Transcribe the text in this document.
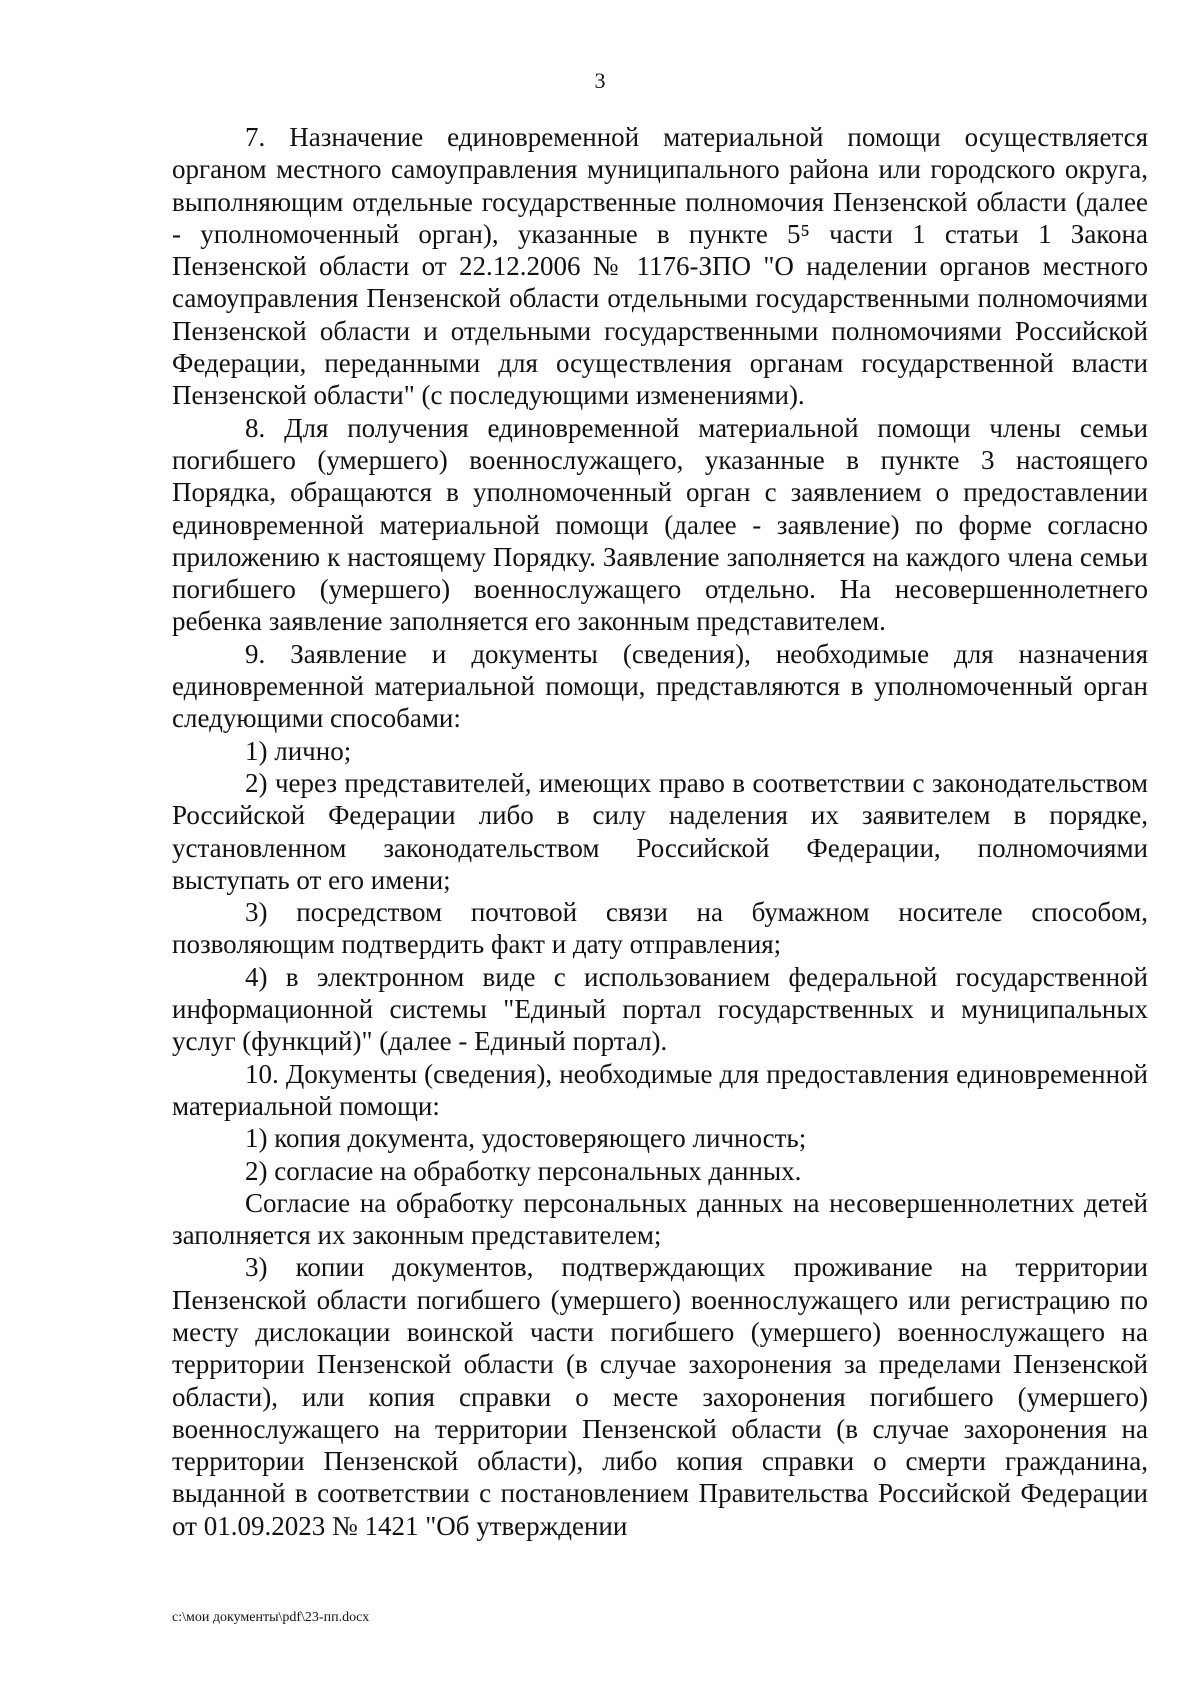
3

7. Назначение единовременной материальной помощи осуществляется органом местного самоуправления муниципального района или городского округа, выполняющим отдельные государственные полномочия Пензенской области (далее - уполномоченный орган), указанные в пункте 5⁵ части 1 статьи 1 Закона Пензенской области от 22.12.2006 № 1176-ЗПО "О наделении органов местного самоуправления Пензенской области отдельными государственными полномочиями Пензенской области и отдельными государственными полномочиями Российской Федерации, переданными для осуществления органам государственной власти Пензенской области" (с последующими изменениями).

8. Для получения единовременной материальной помощи члены семьи погибшего (умершего) военнослужащего, указанные в пункте 3 настоящего Порядка, обращаются в уполномоченный орган с заявлением о предоставлении единовременной материальной помощи (далее - заявление) по форме согласно приложению к настоящему Порядку. Заявление заполняется на каждого члена семьи погибшего (умершего) военнослужащего отдельно. На несовершеннолетнего ребенка заявление заполняется его законным представителем.

9. Заявление и документы (сведения), необходимые для назначения единовременной материальной помощи, представляются в уполномоченный орган следующими способами:

1) лично;

2) через представителей, имеющих право в соответствии с законодательством Российской Федерации либо в силу наделения их заявителем в порядке, установленном законодательством Российской Федерации, полномочиями выступать от его имени;

3) посредством почтовой связи на бумажном носителе способом, позволяющим подтвердить факт и дату отправления;

4) в электронном виде с использованием федеральной государственной информационной системы "Единый портал государственных и муниципальных услуг (функций)" (далее - Единый портал).

10. Документы (сведения), необходимые для предоставления единовременной материальной помощи:

1) копия документа, удостоверяющего личность;

2) согласие на обработку персональных данных.

Согласие на обработку персональных данных на несовершеннолетних детей заполняется их законным представителем;

3) копии документов, подтверждающих проживание на территории Пензенской области погибшего (умершего) военнослужащего или регистрацию по месту дислокации воинской части погибшего (умершего) военнослужащего на территории Пензенской области (в случае захоронения за пределами Пензенской области), или копия справки о месте захоронения погибшего (умершего) военнослужащего на территории Пензенской области (в случае захоронения на территории Пензенской области), либо копия справки о смерти гражданина, выданной в соответствии с постановлением Правительства Российской Федерации от 01.09.2023 № 1421 "Об утверждении

c:\мои документы\pdf\23-пп.docx
